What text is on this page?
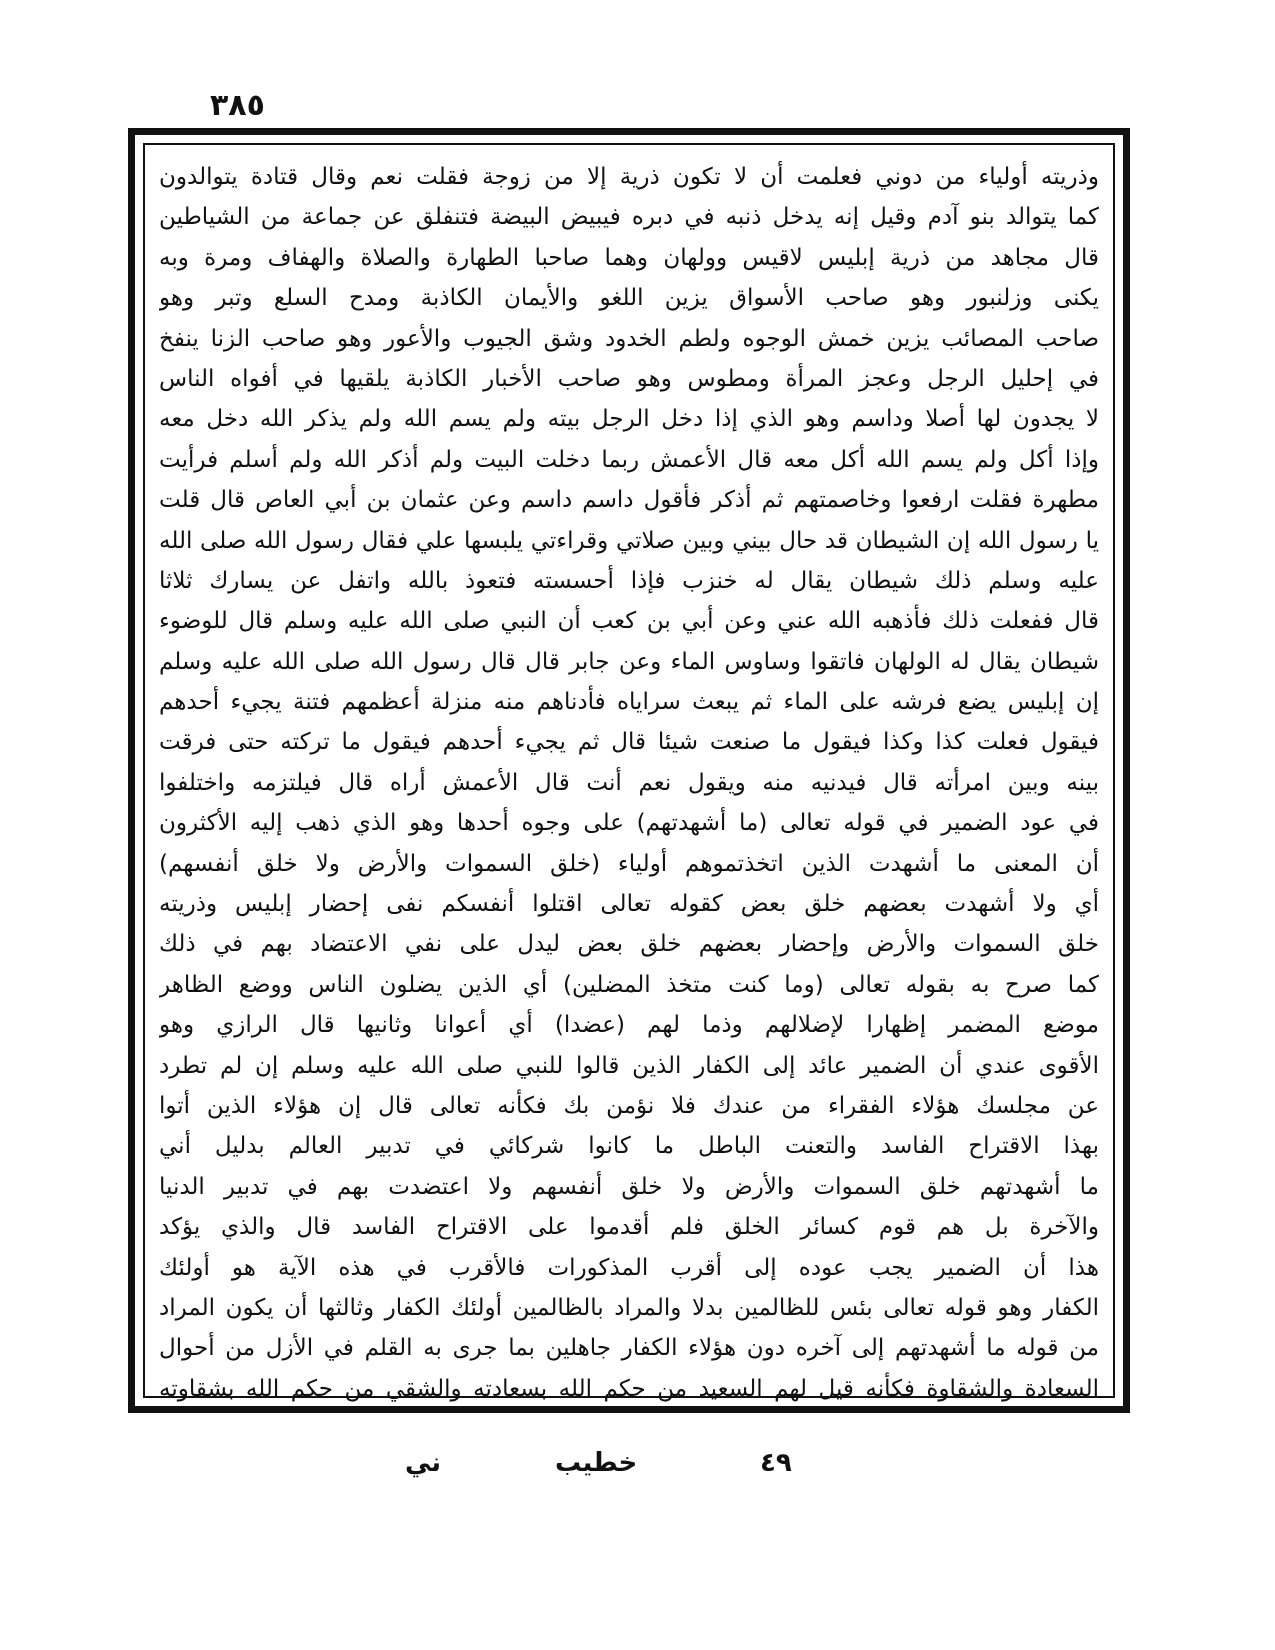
٣٨٥
وذريته أولياء من دوني فعلمت أن لا تكون ذرية إلا من زوجة فقلت نعم وقال قتادة يتوالدون
كما يتوالد بنو آدم وقيل إنه يدخل ذنبه في دبره فيبيض البيضة فتنفلق عن جماعة من الشياطين
قال مجاهد من ذرية إبليس لاقيس وولهان وهما صاحبا الطهارة والصلاة والهفاف ومرة وبه
يكنى وزلنبور وهو صاحب الأسواق يزين اللغو والأيمان الكاذبة ومدح السلع وتبر وهو
صاحب المصائب يزين خمش الوجوه ولطم الخدود وشق الجيوب والأعور وهو صاحب الزنا ينفخ
في إحليل الرجل وعجز المرأة ومطوس وهو صاحب الأخبار الكاذبة يلقيها في أفواه الناس
لا يجدون لها أصلا وداسم وهو الذي إذا دخل الرجل بيته ولم يسم الله ولم يذكر الله دخل معه
وإذا أكل ولم يسم الله أكل معه قال الأعمش ربما دخلت البيت ولم أذكر الله ولم أسلم فرأيت
مطهرة فقلت ارفعوا وخاصمتهم ثم أذكر فأقول داسم داسم وعن عثمان بن أبي العاص قال قلت
يا رسول الله إن الشيطان قد حال بيني وبين صلاتي وقراءتي يلبسها علي فقال رسول الله صلى الله
عليه وسلم ذلك شيطان يقال له خنزب فإذا أحسسته فتعوذ بالله واتفل عن يسارك ثلاثا
قال ففعلت ذلك فأذهبه الله عني وعن أبي بن كعب أن النبي صلى الله عليه وسلم قال للوضوء
شيطان يقال له الولهان فاتقوا وساوس الماء وعن جابر قال قال رسول الله صلى الله عليه وسلم
إن إبليس يضع فرشه على الماء ثم يبعث سراياه فأدناهم منه منزلة أعظمهم فتنة يجيء أحدهم
فيقول فعلت كذا وكذا فيقول ما صنعت شيئا قال ثم يجيء أحدهم فيقول ما تركته حتى فرقت
بينه وبين امرأته قال فيدنيه منه ويقول نعم أنت قال الأعمش أراه قال فيلتزمه واختلفوا
في عود الضمير في قوله تعالى (ما أشهدتهم) على وجوه أحدها وهو الذي ذهب إليه الأكثرون
أن المعنى ما أشهدت الذين اتخذتموهم أولياء (خلق السموات والأرض ولا خلق أنفسهم)
أي ولا أشهدت بعضهم خلق بعض كقوله تعالى اقتلوا أنفسكم نفى إحضار إبليس وذريته
خلق السموات والأرض وإحضار بعضهم خلق بعض ليدل على نفي الاعتضاد بهم في ذلك
كما صرح به بقوله تعالى (وما كنت متخذ المضلين) أي الذين يضلون الناس ووضع الظاهر
موضع المضمر إظهارا لإضلالهم وذما لهم (عضدا) أي أعوانا وثانيها قال الرازي وهو
الأقوى عندي أن الضمير عائد إلى الكفار الذين قالوا للنبي صلى الله عليه وسلم إن لم تطرد
عن مجلسك هؤلاء الفقراء من عندك فلا نؤمن بك فكأنه تعالى قال إن هؤلاء الذين أتوا
بهذا الاقتراح الفاسد والتعنت الباطل ما كانوا شركائي في تدبير العالم بدليل أني
ما أشهدتهم خلق السموات والأرض ولا خلق أنفسهم ولا اعتضدت بهم في تدبير الدنيا
والآخرة بل هم قوم كسائر الخلق فلم أقدموا على الاقتراح الفاسد قال والذي يؤكد
هذا أن الضمير يجب عوده إلى أقرب المذكورات فالأقرب في هذه الآية هو أولئك
الكفار وهو قوله تعالى بئس للظالمين بدلا والمراد بالظالمين أولئك الكفار وثالثها أن يكون المراد
من قوله ما أشهدتهم إلى آخره دون هؤلاء الكفار جاهلين بما جرى به القلم في الأزل من أحوال
السعادة والشقاوة فكأنه قيل لهم السعيد من حكم الله بسعادته والشقي من حكم الله بشقاوته
٤٩
خطيب
ني
